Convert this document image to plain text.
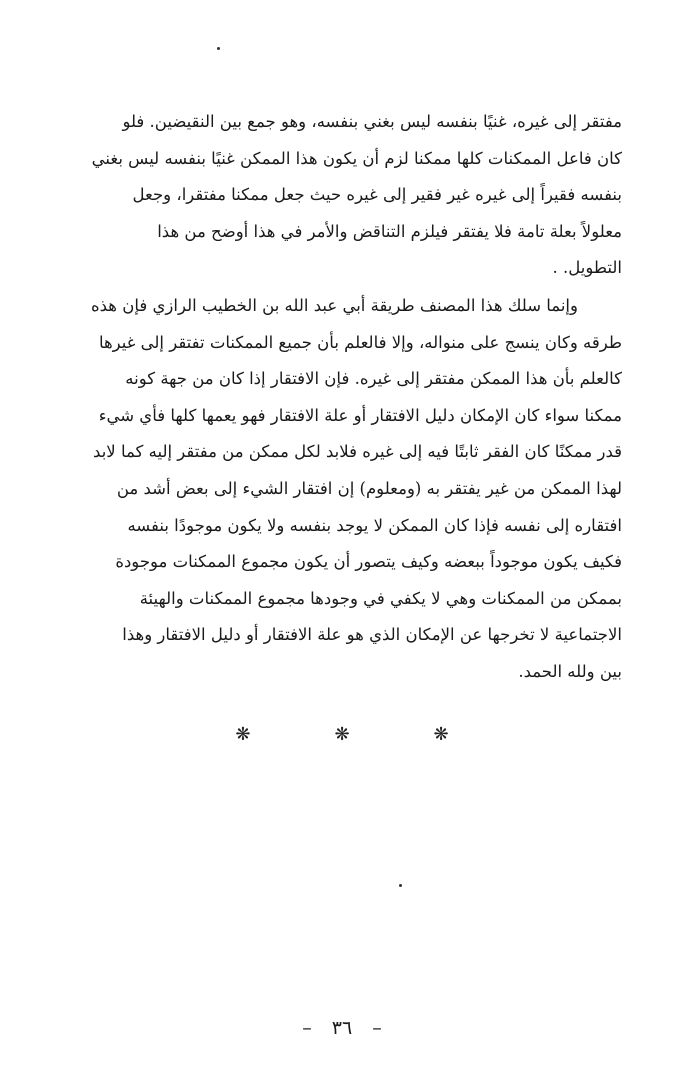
مفتقر إلى غيره، غنيًا بنفسه ليس بغني بنفسه، وهو جمع بين النقيضين. فلو
كان فاعل الممكنات كلها ممكنا لزم أن يكون هذا الممكن غنيًا بنفسه ليس بغني
بنفسه فقيراً إلى غيره غير فقير إلى غيره حيث جعل ممكنا مفتقرا، وجعل
معلولاً بعلة تامة فلا يفتقر فيلزم التناقض والأمر في هذا أوضح من هذا
التطويل. .
وإنما سلك هذا المصنف طريقة أبي عبد الله بن الخطيب الرازي فإن هذه
طرقه وكان ينسج على منواله، وإلا فالعلم بأن جميع الممكنات تفتقر إلى غيرها
كالعلم بأن هذا الممكن مفتقر إلى غيره. فإن الافتقار إذا كان من جهة كونه
ممكنا سواء كان الإمكان دليل الافتقار أو علة الافتقار فهو يعمها كلها فأي شيء
قدر ممكنًا كان الفقر ثابتًا فيه إلى غيره فلابد لكل ممكن من مفتقر إليه كما لابد
لهذا الممكن من غير يفتقر به (ومعلوم) إن افتقار الشيء إلى بعض أشد من
افتقاره إلى نفسه فإذا كان الممكن لا يوجد بنفسه ولا يكون موجودًا بنفسه
فكيف يكون موجوداً ببعضه وكيف يتصور أن يكون مجموع الممكنات موجودة
بممكن من الممكنات وهي لا يكفي في وجودها مجموع الممكنات والهيئة
الاجتماعية لا تخرجها عن الإمكان الذي هو علة الافتقار أو دليل الافتقار وهذا
بين ولله الحمد.
❋ ❋ ❋
– ٣٦ –
